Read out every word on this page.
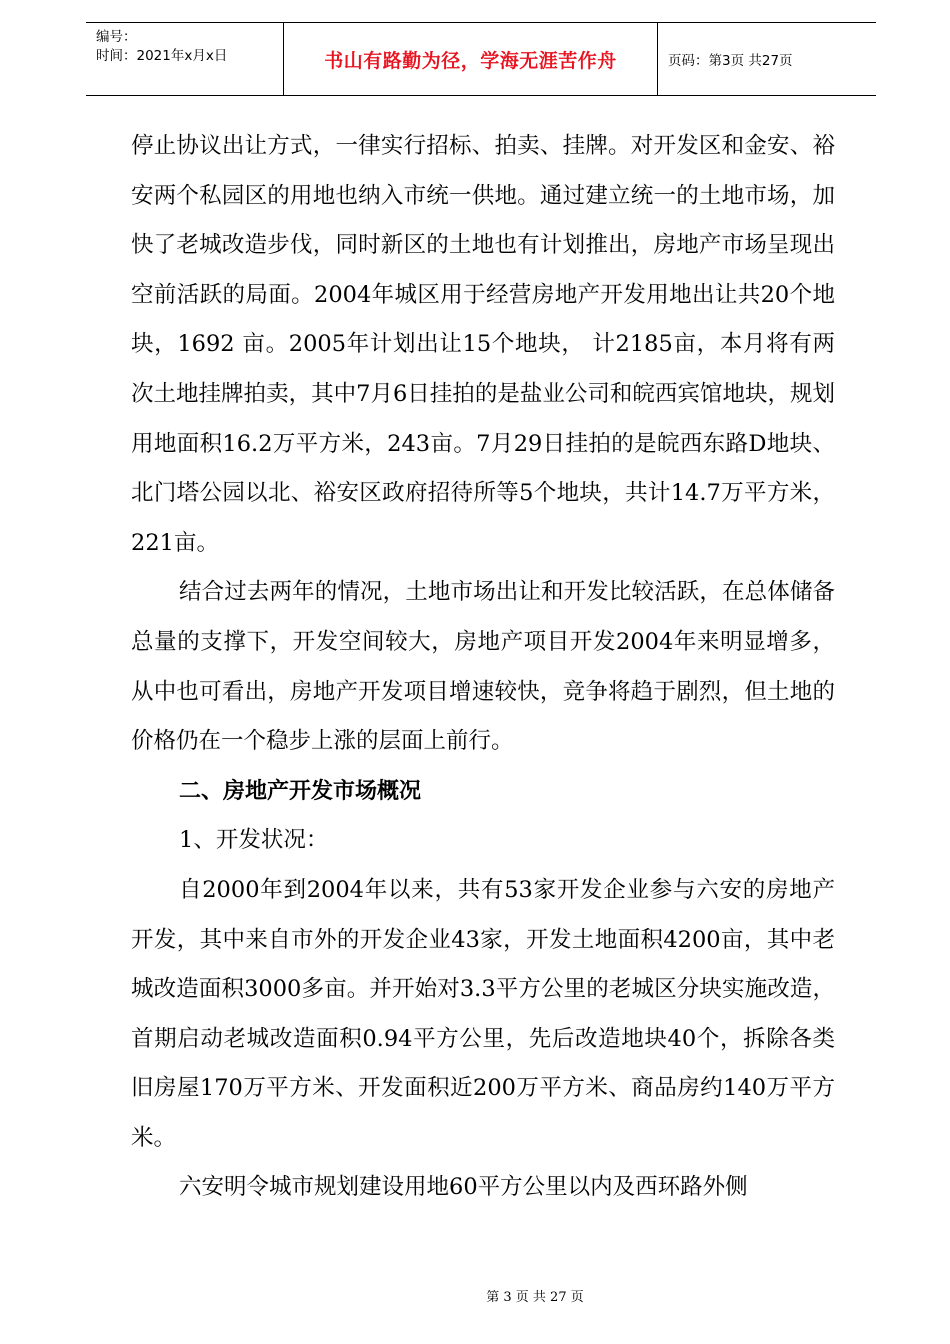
编号：
时间：2021年x月x日	书山有路勤为径，学海无涯苦作舟	页码：第3页 共27页

停止协议出让方式，一律实行招标、拍卖、挂牌。对开发区和金安、裕安两个私园区的用地也纳入市统一供地。通过建立统一的土地市场，加快了老城改造步伐，同时新区的土地也有计划推出，房地产市场呈现出空前活跃的局面。2004年城区用于经营房地产开发用地出让共20个地块，1692 亩。2005年计划出让15个地块， 计2185亩，本月将有两次土地挂牌拍卖，其中7月6日挂拍的是盐业公司和皖西宾馆地块，规划用地面积16.2万平方米，243亩。7月29日挂拍的是皖西东路D地块、北门塔公园以北、裕安区政府招待所等5个地块，共计14.7万平方米，221亩。

结合过去两年的情况，土地市场出让和开发比较活跃，在总体储备总量的支撑下，开发空间较大，房地产项目开发2004年来明显增多，从中也可看出，房地产开发项目增速较快，竞争将趋于剧烈，但土地的价格仍在一个稳步上涨的层面上前行。

二、房地产开发市场概况

1、开发状况：

自2000年到2004年以来，共有53家开发企业参与六安的房地产开发，其中来自市外的开发企业43家，开发土地面积4200亩，其中老城改造面积3000多亩。并开始对3.3平方公里的老城区分块实施改造，首期启动老城改造面积0.94平方公里，先后改造地块40个，拆除各类旧房屋170万平方米、开发面积近200万平方米、商品房约140万平方米。

六安明令城市规划建设用地60平方公里以内及西环路外侧

第 3 页 共 27 页
